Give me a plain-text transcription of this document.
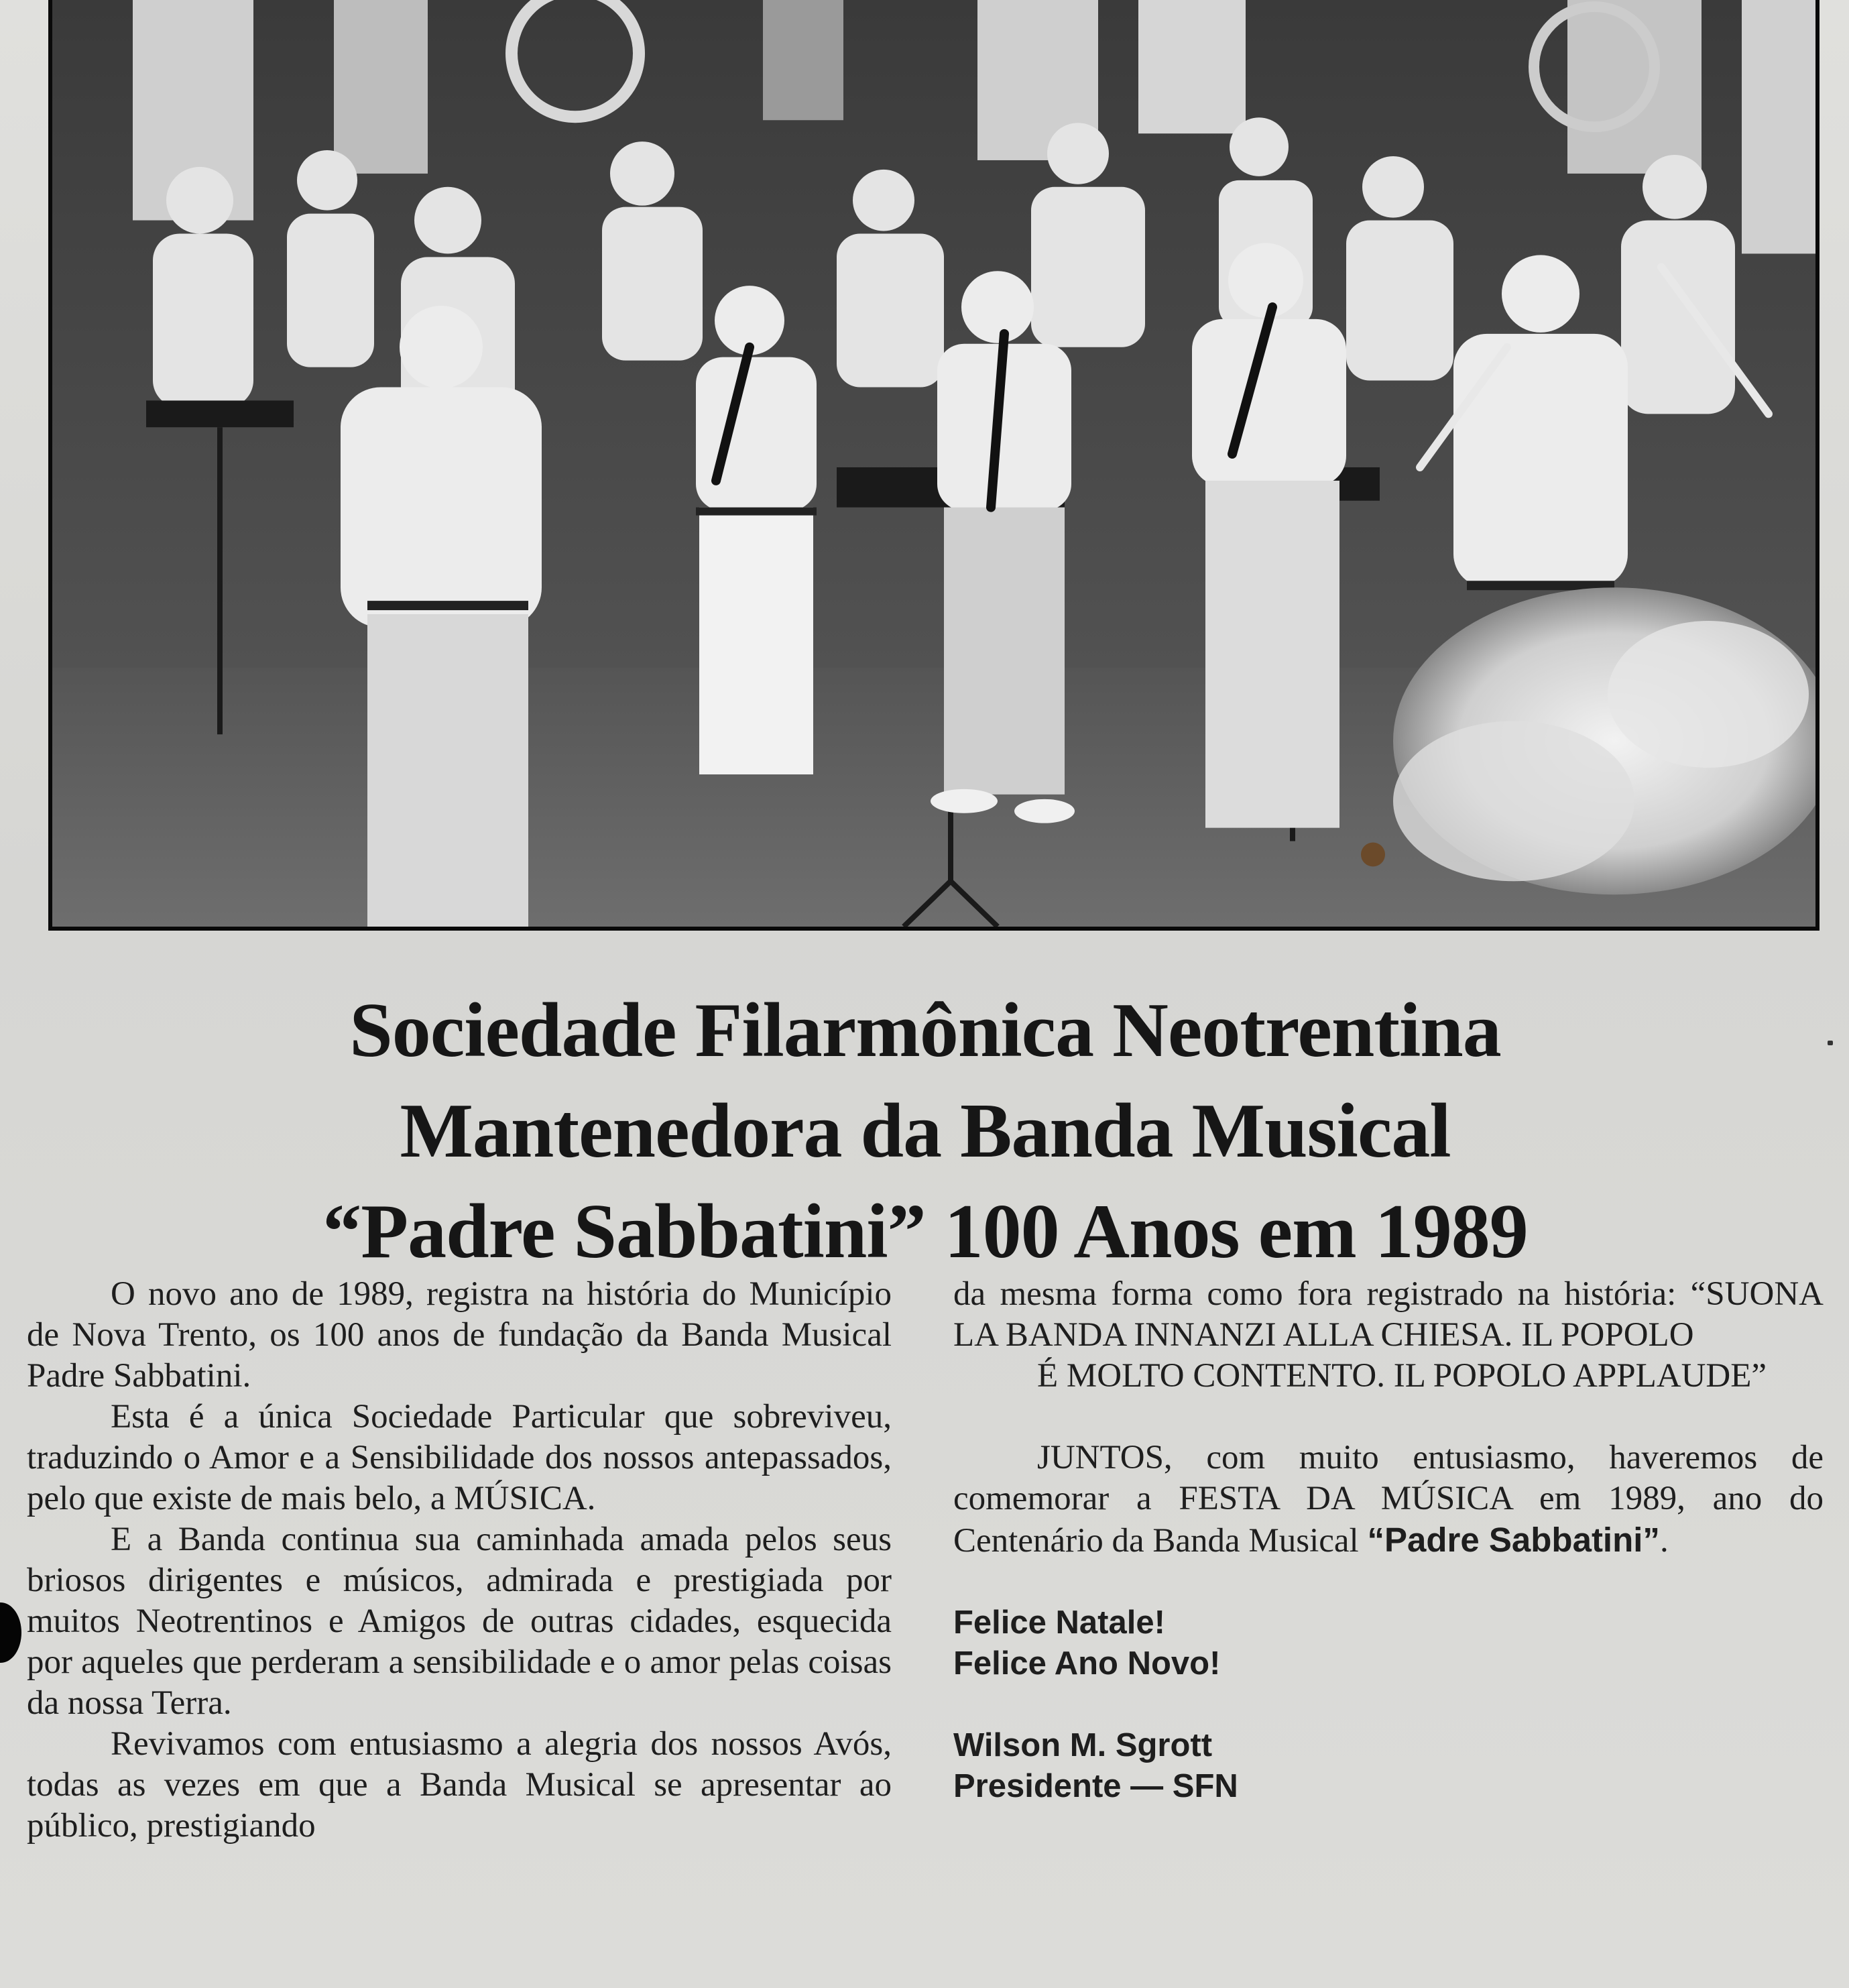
Sociedade Filarmônica Neotrentina
Mantenedora da Banda Musical
“Padre Sabbatini” 100 Anos em 1989

O novo ano de 1989, registra na história do Município de Nova Trento, os 100 anos de fundação da Banda Musical Padre Sabbatini.

Esta é a única Sociedade Particular que sobreviveu, traduzindo o Amor e a Sensibilidade dos nossos antepassados, pelo que existe de mais belo, a MÚSICA.

E a Banda continua sua caminhada amada pelos seus briosos dirigentes e músicos, admirada e prestigiada por muitos Neotrentinos e Amigos de outras cidades, esquecida por aqueles que perderam a sensibilidade e o amor pelas coisas da nossa Terra.

Revivamos com entusiasmo a alegria dos nossos Avós, todas as vezes em que a Banda Musical se apresentar ao público, prestigiando

da mesma forma como fora registrado na história: “SUONA LA BANDA INNANZI ALLA CHIESA. IL POPOLO

É MOLTO CONTENTO. IL POPOLO APPLAUDE”

JUNTOS, com muito entusiasmo, haveremos de comemorar a FESTA DA MÚSICA em 1989, ano do Centenário da Banda Musical “Padre Sabbatini”.

Felice Natale!
Felice Ano Novo!
Wilson M. Sgrott
Presidente — SFN
